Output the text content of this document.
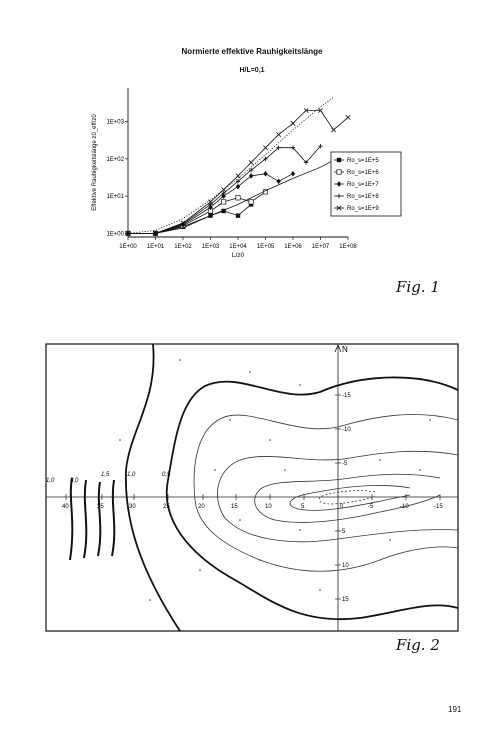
Normierte effektive Rauhigkeitslänge
H/L=0,1
1E+00 1E+01 1E+02 1E+03 1E+04 1E+05 1E+06 1E+07 1E+08
1E+00
1E+01
1E+02
1E+03
L/z0
Effektive Rauhigkeitslänge z0_eff/z0	Ro_s=1E+5
Ro_s=1E+6
Ro_s=1E+7
Ro_s=1E+8
Ro_s=1E+9
Fig. 1
N
1,0	3,0
1,5	1,0	0,5
40	35	30	25	20	15	10	5	0	-5	-10	-15
-15
-10
-5
5
10
15
Fig. 2
191
